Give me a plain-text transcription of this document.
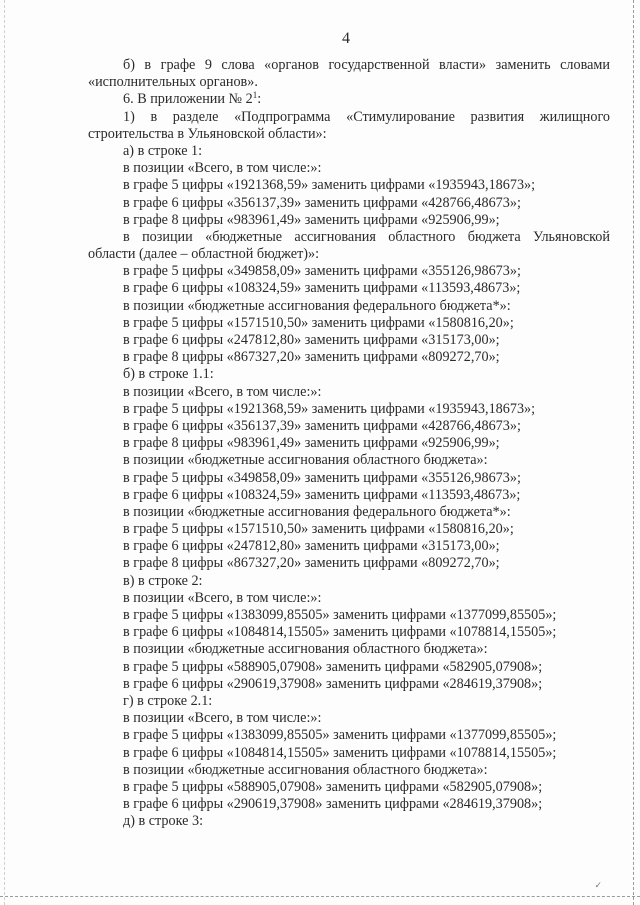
4
б) в графе 9 слова «органов государственной власти» заменить словами
«исполнительных органов».
6. В приложении № $2^1$:
1) в разделе «Подпрограмма «Стимулирование развития жилищного
строительства в Ульяновской области»:
а) в строке 1:
в позиции «Всего, в том числе:»:
в графе 5 цифры «1921368,59» заменить цифрами «1935943,18673»;
в графе 6 цифры «356137,39» заменить цифрами «428766,48673»;
в графе 8 цифры «983961,49» заменить цифрами «925906,99»;
в позиции «бюджетные ассигнования областного бюджета Ульяновской
области (далее – областной бюджет)»:
в графе 5 цифры «349858,09» заменить цифрами «355126,98673»;
в графе 6 цифры «108324,59» заменить цифрами «113593,48673»;
в позиции «бюджетные ассигнования федерального бюджета*»:
в графе 5 цифры «1571510,50» заменить цифрами «1580816,20»;
в графе 6 цифры «247812,80» заменить цифрами «315173,00»;
в графе 8 цифры «867327,20» заменить цифрами «809272,70»;
б) в строке 1.1:
в позиции «Всего, в том числе:»:
в графе 5 цифры «1921368,59» заменить цифрами «1935943,18673»;
в графе 6 цифры «356137,39» заменить цифрами «428766,48673»;
в графе 8 цифры «983961,49» заменить цифрами «925906,99»;
в позиции «бюджетные ассигнования областного бюджета»:
в графе 5 цифры «349858,09» заменить цифрами «355126,98673»;
в графе 6 цифры «108324,59» заменить цифрами «113593,48673»;
в позиции «бюджетные ассигнования федерального бюджета*»:
в графе 5 цифры «1571510,50» заменить цифрами «1580816,20»;
в графе 6 цифры «247812,80» заменить цифрами «315173,00»;
в графе 8 цифры «867327,20» заменить цифрами «809272,70»;
в) в строке 2:
в позиции «Всего, в том числе:»:
в графе 5 цифры «1383099,85505» заменить цифрами «1377099,85505»;
в графе 6 цифры «1084814,15505» заменить цифрами «1078814,15505»;
в позиции «бюджетные ассигнования областного бюджета»:
в графе 5 цифры «588905,07908» заменить цифрами «582905,07908»;
в графе 6 цифры «290619,37908» заменить цифрами «284619,37908»;
г) в строке 2.1:
в позиции «Всего, в том числе:»:
в графе 5 цифры «1383099,85505» заменить цифрами «1377099,85505»;
в графе 6 цифры «1084814,15505» заменить цифрами «1078814,15505»;
в позиции «бюджетные ассигнования областного бюджета»:
в графе 5 цифры «588905,07908» заменить цифрами «582905,07908»;
в графе 6 цифры «290619,37908» заменить цифрами «284619,37908»;
д) в строке 3:
✓
